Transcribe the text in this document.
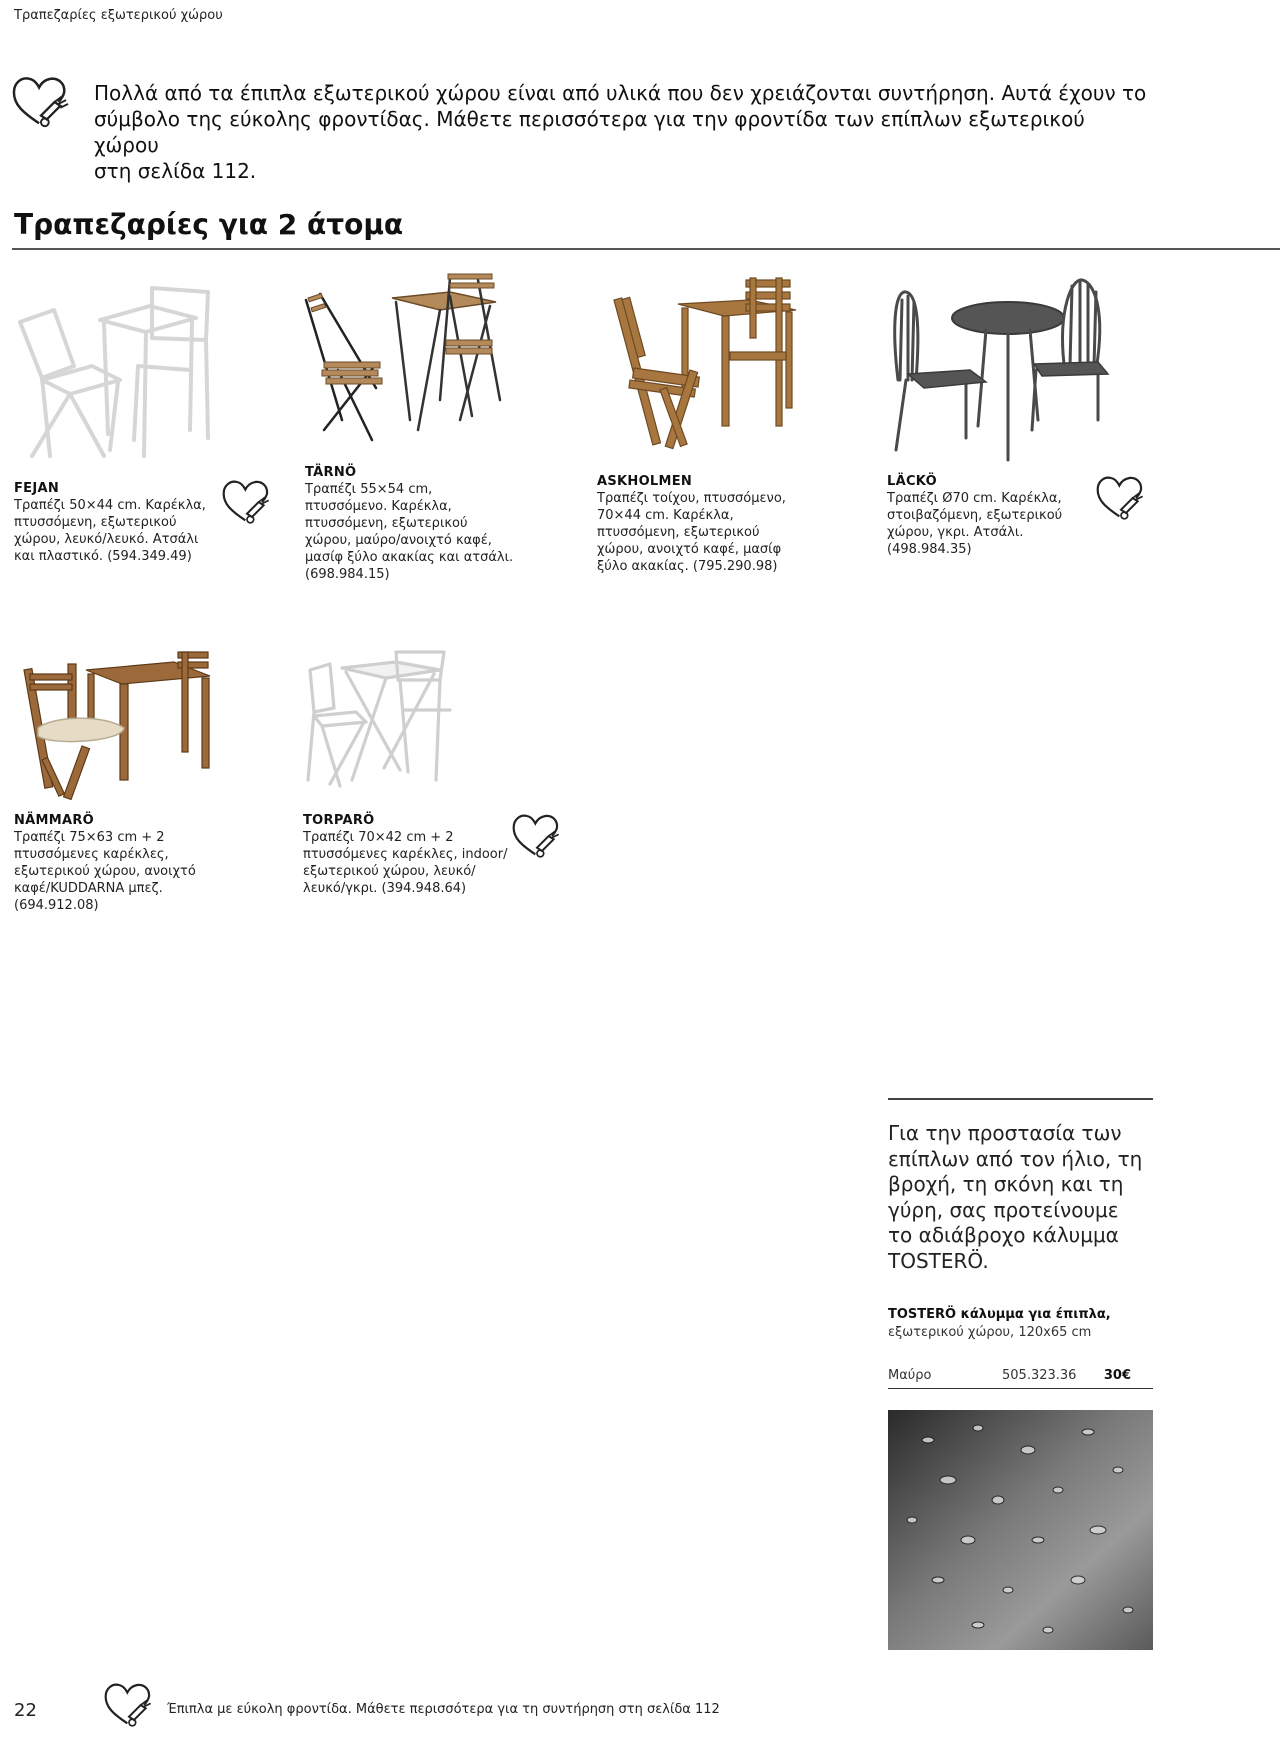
Τραπεζαρίες εξωτερικού χώρου
Πολλά από τα έπιπλα εξωτερικού χώρου είναι από υλικά που δεν χρειάζονται συντήρηση. Αυτά έχουν το
σύμβολο της εύκολης φροντίδας. Μάθετε περισσότερα για την φροντίδα των επίπλων εξωτερικού χώρου
στη σελίδα 112.
Τραπεζαρίες για 2 άτομα
FEJAN
Τραπέζι 50×44 cm. Καρέκλα,
πτυσσόμενη, εξωτερικού
χώρου, λευκό/λευκό. Ατσάλι
και πλαστικό. (594.349.49)
TÄRNÖ
Τραπέζι 55×54 cm,
πτυσσόμενο. Καρέκλα,
πτυσσόμενη, εξωτερικού
χώρου, μαύρο/ανοιχτό καφέ,
μασίφ ξύλο ακακίας και ατσάλι.
(698.984.15)
ASKHOLMEN
Τραπέζι τοίχου, πτυσσόμενο,
70×44 cm. Καρέκλα,
πτυσσόμενη, εξωτερικού
χώρου, ανοιχτό καφέ, μασίφ
ξύλο ακακίας. (795.290.98)
LÄCKÖ
Τραπέζι Ø70 cm. Καρέκλα,
στοιβαζόμενη, εξωτερικού
χώρου, γκρι. Ατσάλι.
(498.984.35)
NÄMMARÖ
Τραπέζι 75×63 cm + 2
πτυσσόμενες καρέκλες,
εξωτερικού χώρου, ανοιχτό
καφέ/KUDDARNA μπεζ.
(694.912.08)
TORPARÖ
Τραπέζι 70×42 cm + 2
πτυσσόμενες καρέκλες, indoor/
εξωτερικού χώρου, λευκό/
λευκό/γκρι. (394.948.64)
Για την προστασία των
επίπλων από τον ήλιο, τη
βροχή, τη σκόνη και τη
γύρη, σας προτείνουμε
το αδιάβροχο κάλυμμα
TOSTERÖ.
TOSTERÖ κάλυμμα για έπιπλα,
εξωτερικού χώρου, 120x65 cm
Μαύρο	505.323.36 30€
22	Έπιπλα με εύκολη φροντίδα. Μάθετε περισσότερα για τη συντήρηση στη σελίδα 112
